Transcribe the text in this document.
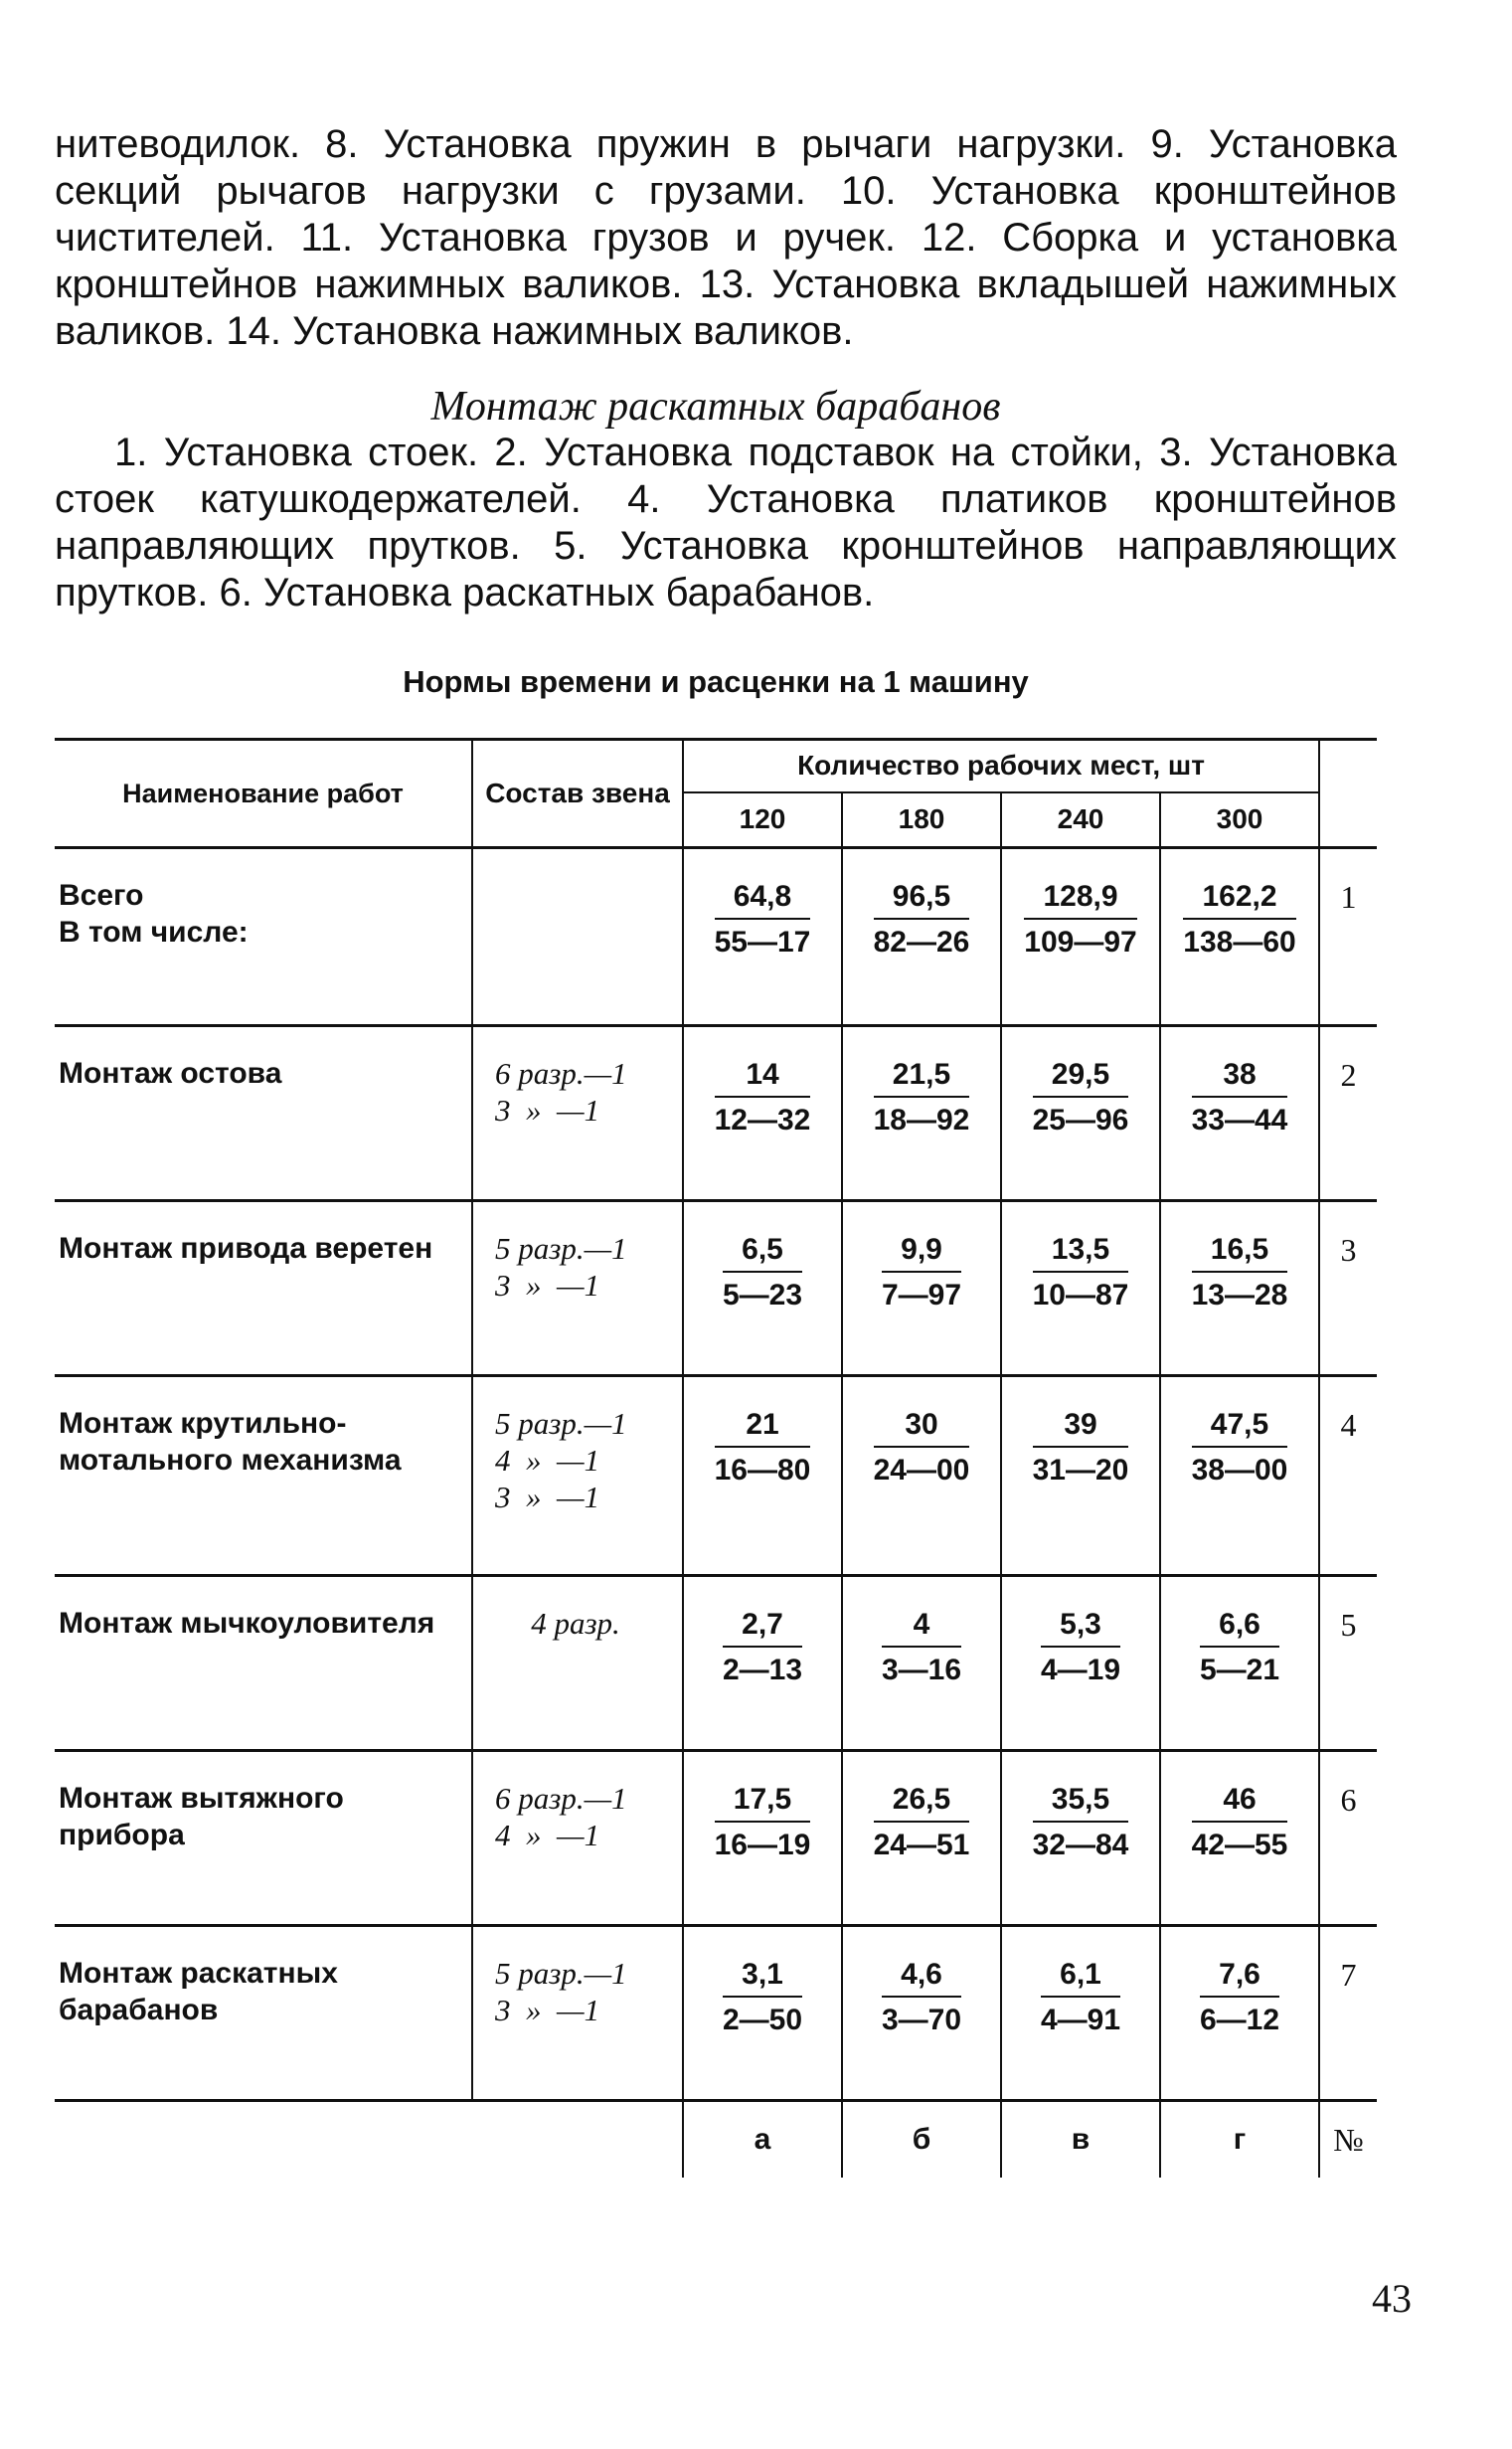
нитеводилок. 8. Установка пружин в рычаги нагрузки. 9. Установка секций рычагов нагрузки с грузами. 10. Установка кронштейнов чистителей. 11. Установка грузов и ручек. 12. Сборка и установка кронштейнов нажимных валиков. 13. Установка вкладышей нажимных валиков. 14. Установка нажимных валиков.

Монтаж раскатных барабанов

1. Установка стоек. 2. Установка подставок на стойки, 3. Установка стоек катушкодержателей. 4. Установка платиков кронштейнов направляющих прутков. 5. Установка кронштейнов направляющих прутков. 6. Установка раскатных барабанов.

Нормы времени и расценки на 1 машину

Наименование работ	Состав звена	Количество рабочих мест, шт				
		120	180	240	300	
Всего
В том числе:		$\frac{64,8}{55—17}$	$\frac{96,5}{82—26}$	$\frac{128,9}{109—97}$	$\frac{162,2}{138—60}$	1
Монтаж остова	6 разр.—1
3  »  —1	$\frac{14}{12—32}$	$\frac{21,5}{18—92}$	$\frac{29,5}{25—96}$	$\frac{38}{33—44}$	2
Монтаж привода веретен	5 разр.—1
3  »  —1	$\frac{6,5}{5—23}$	$\frac{9,9}{7—97}$	$\frac{13,5}{10—87}$	$\frac{16,5}{13—28}$	3
Монтаж крутильно-мотального механизма	5 разр.—1
4  »  —1
3  »  —1	$\frac{21}{16—80}$	$\frac{30}{24—00}$	$\frac{39}{31—20}$	$\frac{47,5}{38—00}$	4
Монтаж мычкоуловителя	4 разр.	$\frac{2,7}{2—13}$	$\frac{4}{3—16}$	$\frac{5,3}{4—19}$	$\frac{6,6}{5—21}$	5
Монтаж вытяжного прибора	6 разр.—1
4  »  —1	$\frac{17,5}{16—19}$	$\frac{26,5}{24—51}$	$\frac{35,5}{32—84}$	$\frac{46}{42—55}$	6
Монтаж раскатных барабанов	5 разр.—1
3  »  —1	$\frac{3,1}{2—50}$	$\frac{4,6}{3—70}$	$\frac{6,1}{4—91}$	$\frac{7,6}{6—12}$	7
		а	б	в	г	№

43
